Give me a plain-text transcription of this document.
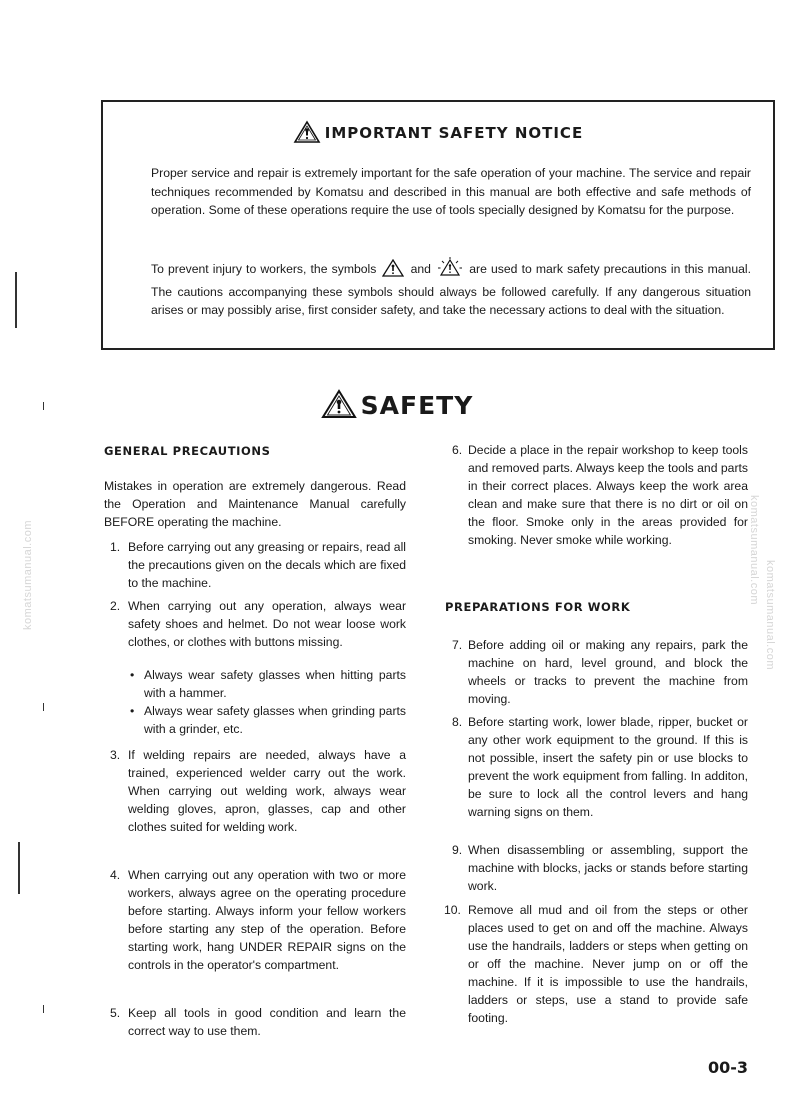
komatsumanual.com	komatsumanual.com
komatsumanual.com
IMPORTANT SAFETY NOTICE

Proper service and repair is extremely important for the safe operation of your machine. The service and repair techniques recommended by Komatsu and described in this manual are both effective and safe methods of operation. Some of these operations require the use of tools specially designed by Komatsu for the purpose.

To prevent injury to workers, the symbols	and	are used to mark safety precautions in this manual. The cautions accompanying these symbols should always be followed carefully. If any dangerous situation arises or may possibly arise, first consider safety, and take the necessary actions to deal with the situation.

SAFETY
GENERAL PRECAUTIONS

Mistakes in operation are extremely dangerous. Read the Operation and Maintenance Manual carefully BEFORE operating the machine.

1. Before carrying out any greasing or repairs, read all the precautions given on the decals which are fixed to the machine.
2. When carrying out any operation, always wear safety shoes and helmet. Do not wear loose work clothes, or clothes with buttons missing.
• Always wear safety glasses when hitting parts with a hammer.
• Always wear safety glasses when grinding parts with a grinder, etc.
3. If welding repairs are needed, always have a trained, experienced welder carry out the work. When carrying out welding work, always wear welding gloves, apron, glasses, cap and other clothes suited for welding work.
4. When carrying out any operation with two or more workers, always agree on the operating procedure before starting. Always inform your fellow workers before starting any step of the operation. Before starting work, hang UNDER REPAIR signs on the controls in the operator's compartment.
5. Keep all tools in good condition and learn the correct way to use them.
6. Decide a place in the repair workshop to keep tools and removed parts. Always keep the tools and parts in their correct places. Always keep the work area clean and make sure that there is no dirt or oil on the floor. Smoke only in the areas provided for smoking. Never smoke while working.
PREPARATIONS FOR WORK
7. Before adding oil or making any repairs, park the machine on hard, level ground, and block the wheels or tracks to prevent the machine from moving.
8. Before starting work, lower blade, ripper, bucket or any other work equipment to the ground. If this is not possible, insert the safety pin or use blocks to prevent the work equipment from falling. In additon, be sure to lock all the control levers and hang warning signs on them.
9. When disassembling or assembling, support the machine with blocks, jacks or stands before starting work.
10. Remove all mud and oil from the steps or other places used to get on and off the machine. Always use the handrails, ladders or steps when getting on or off the machine. Never jump on or off the machine. If it is impossible to use the handrails, ladders or steps, use a stand to provide safe footing.
00-3
